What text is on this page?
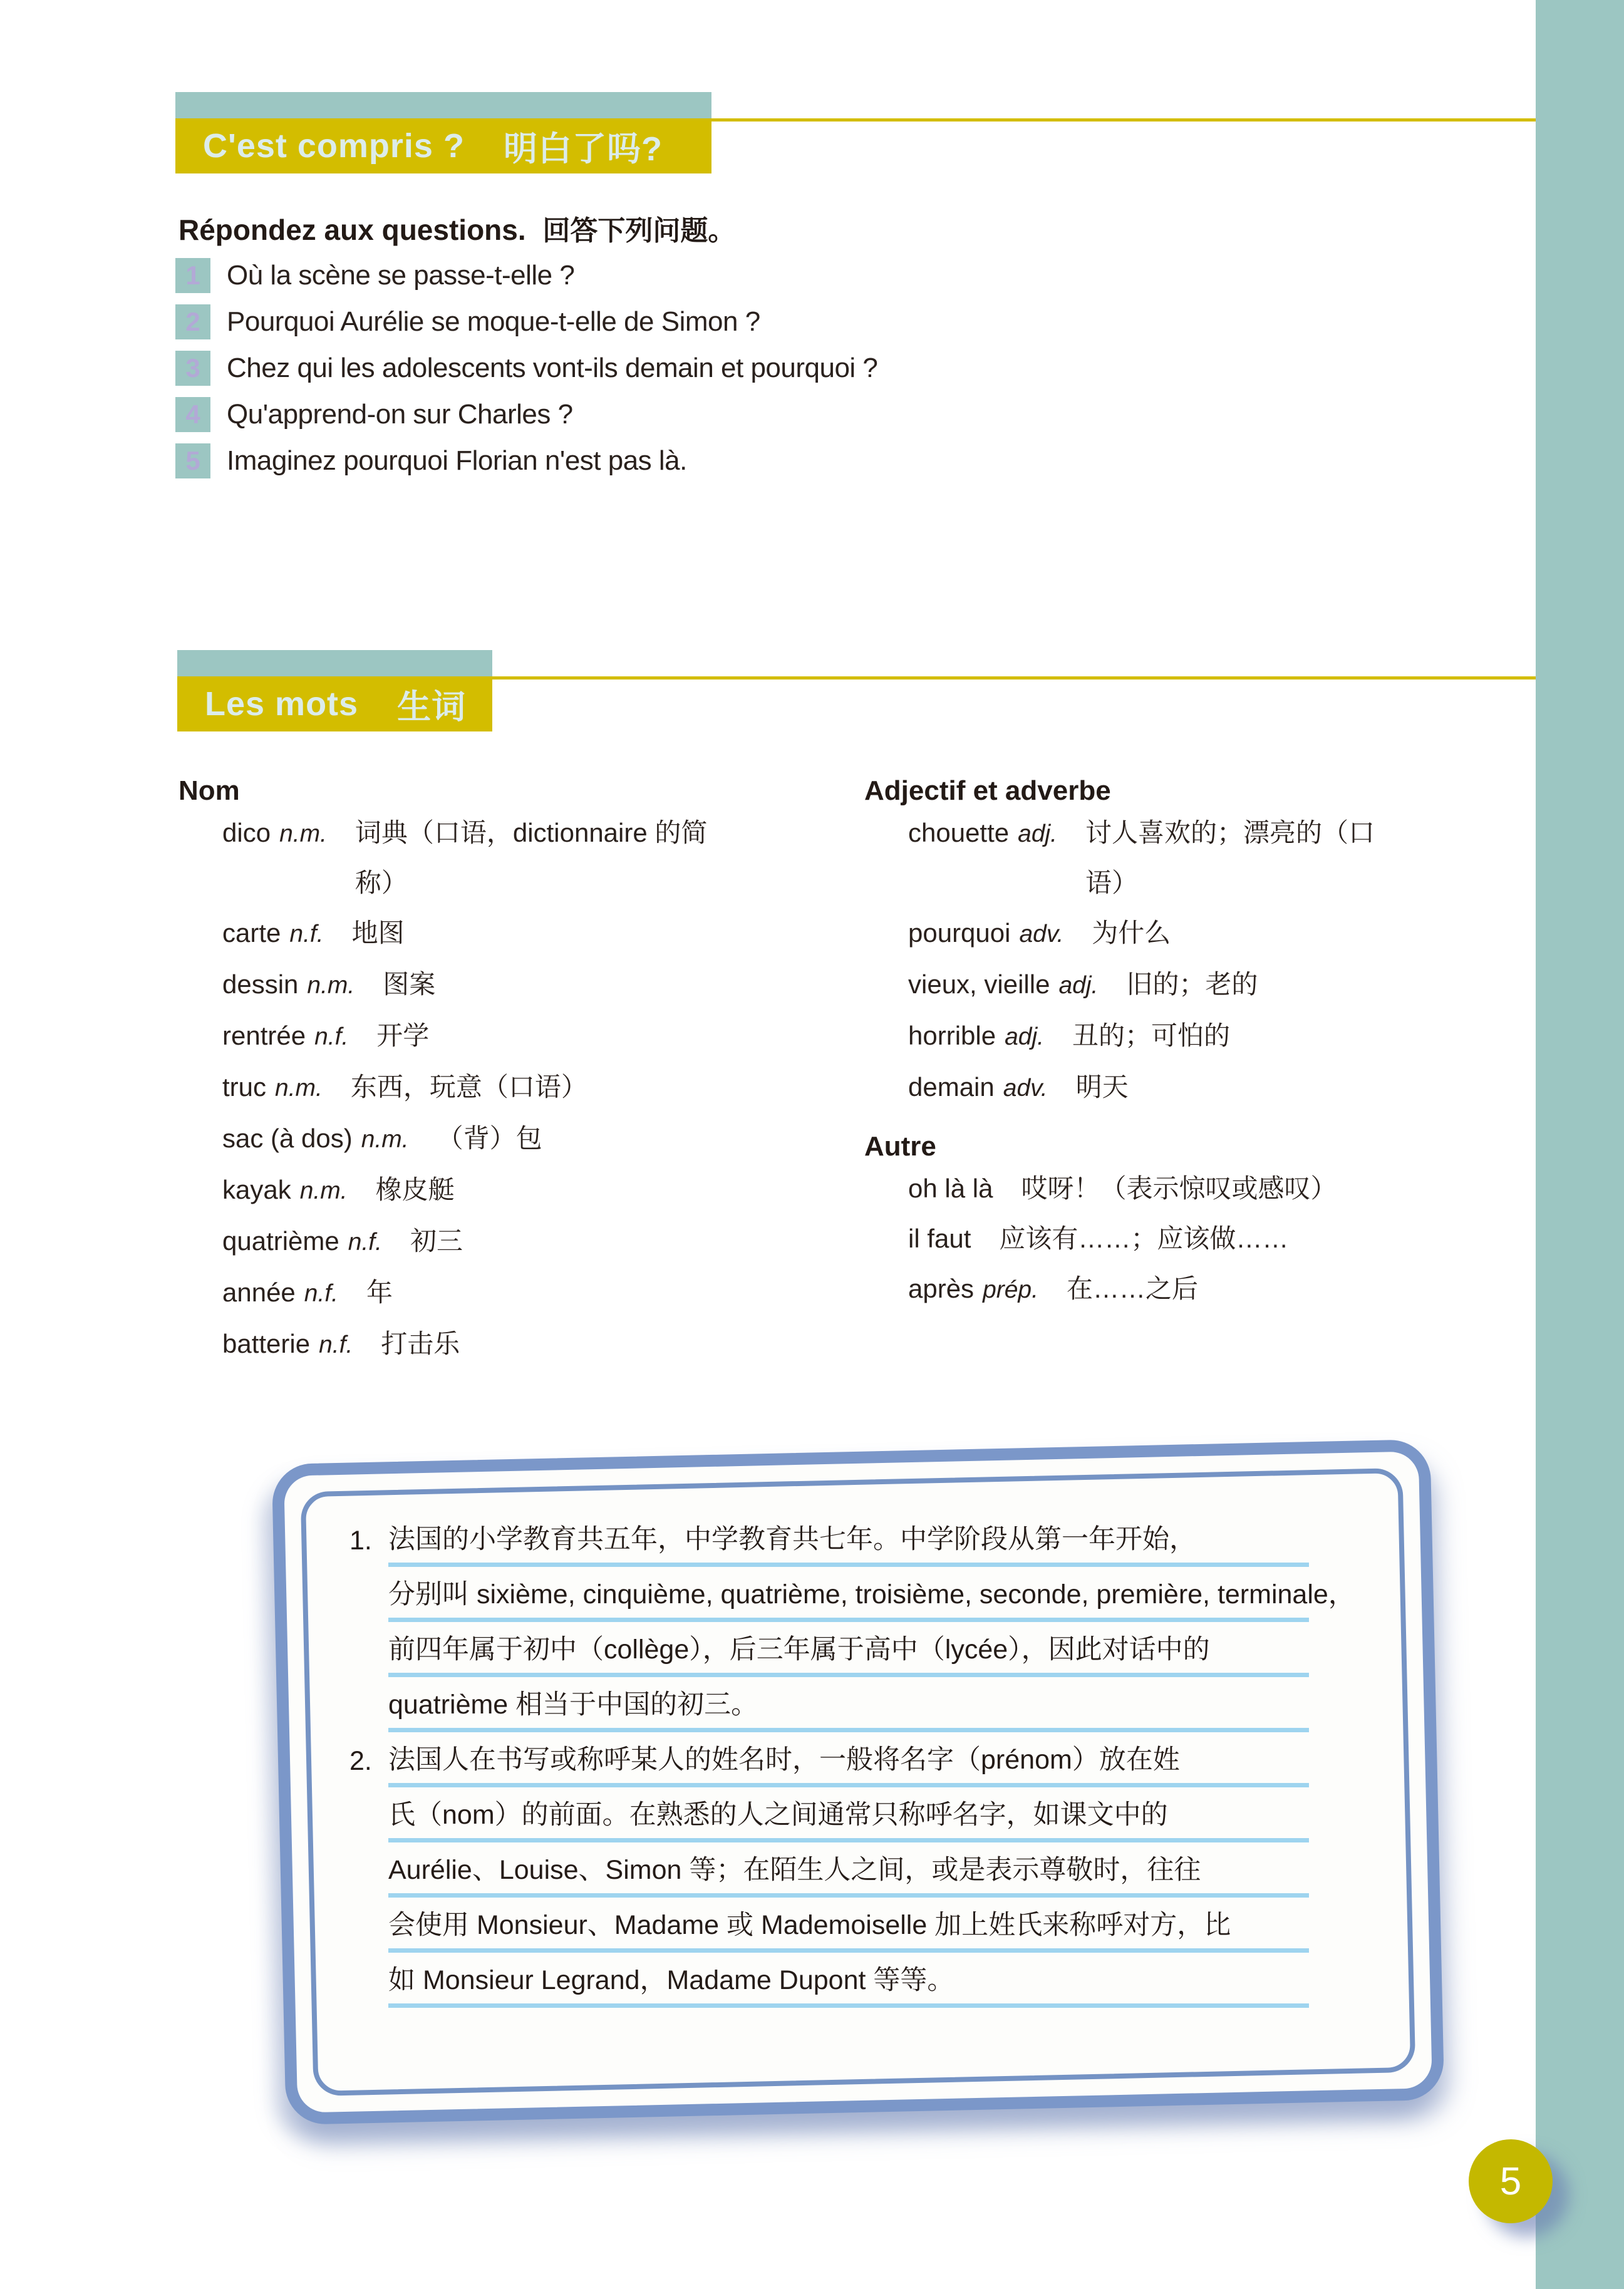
C'est compris ? 明白了吗?
Répondez aux questions. 回答下列问题。
1 Où la scène se passe-t-elle ?
2 Pourquoi Aurélie se moque-t-elle de Simon ?
3 Chez qui les adolescents vont-ils demain et pourquoi ?
4 Qu'apprend-on sur Charles ?
5 Imaginez pourquoi Florian n'est pas là.
Les mots 生词
Nom
dico n.m. 词典（口语，dictionnaire 的简称）
carte n.f. 地图
dessin n.m. 图案
rentrée n.f. 开学
truc n.m. 东西，玩意（口语）
sac (à dos) n.m. （背）包
kayak n.m. 橡皮艇
quatrième n.f. 初三
année n.f. 年
batterie n.f. 打击乐
Adjectif et adverbe
chouette adj. 讨人喜欢的；漂亮的（口语）
pourquoi adv. 为什么
vieux, vieille adj. 旧的；老的
horrible adj. 丑的；可怕的
demain adv. 明天
Autre
oh là là 哎呀！（表示惊叹或感叹）
il faut 应该有……；应该做……
après prép. 在……之后
1. 法国的小学教育共五年，中学教育共七年。中学阶段从第一年开始，
分别叫 sixième, cinquième, quatrième, troisième, seconde, première, terminale，
前四年属于初中（collège），后三年属于高中（lycée），因此对话中的
quatrième 相当于中国的初三。
2. 法国人在书写或称呼某人的姓名时，一般将名字（prénom）放在姓
氏（nom）的前面。在熟悉的人之间通常只称呼名字，如课文中的
Aurélie、Louise、Simon 等；在陌生人之间，或是表示尊敬时，往往
会使用 Monsieur、Madame 或 Mademoiselle 加上姓氏来称呼对方，比
如 Monsieur Legrand，Madame Dupont 等等。
5
